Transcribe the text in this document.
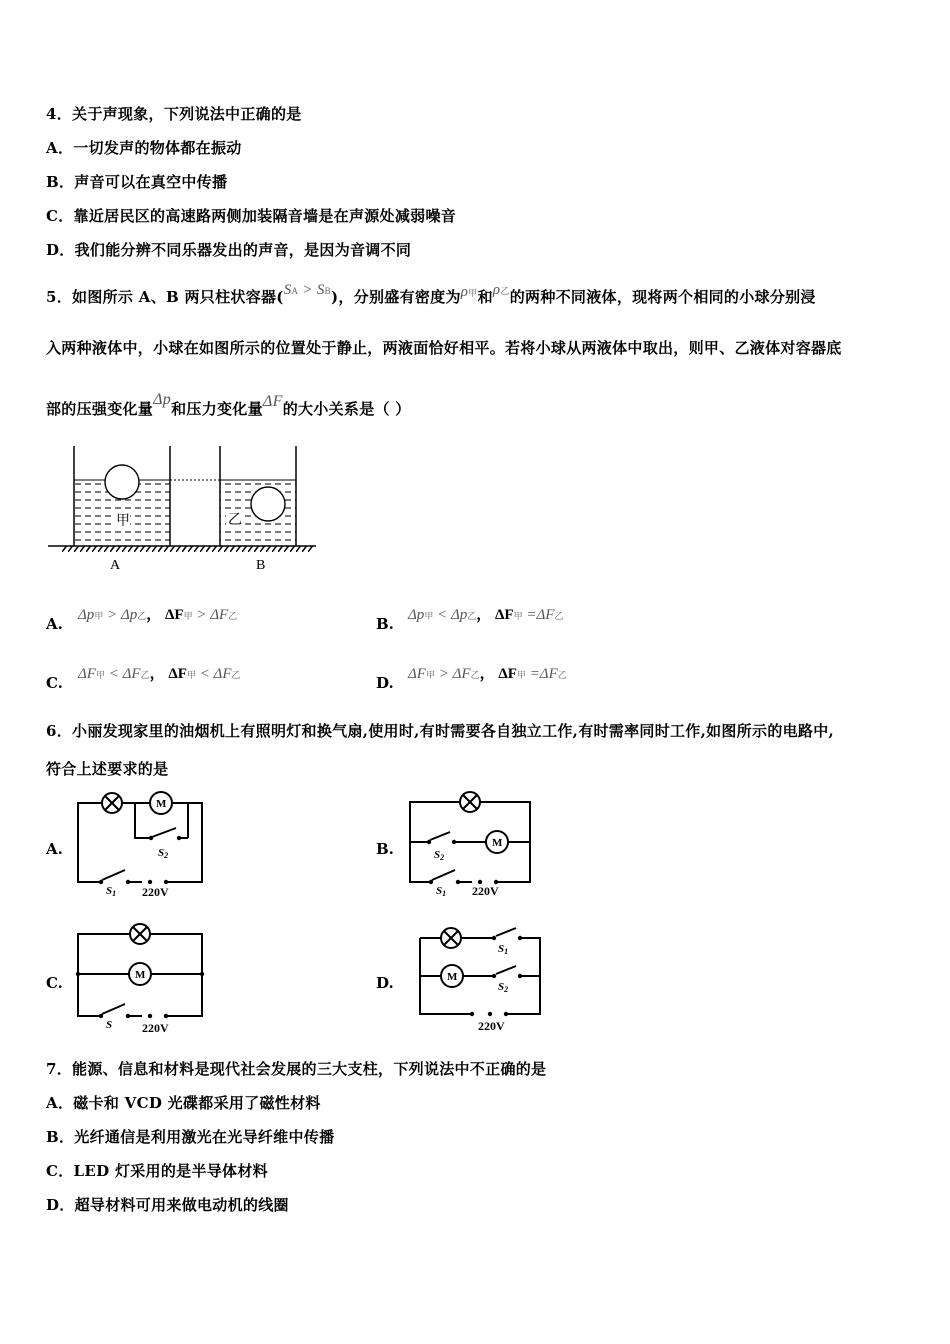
4．关于声现象，下列说法中正确的是
A．一切发声的物体都在振动
B．声音可以在真空中传播
C．靠近居民区的高速路两侧加装隔音墙是在声源处减弱噪音
D．我们能分辨不同乐器发出的声音，是因为音调不同
5．如图所示 A、B 两只柱状容器(SA > SB)，分别盛有密度为ρ甲和ρ乙的两种不同液体，现将两个相同的小球分别浸
入两种液体中，小球在如图所示的位置处于静止，两液面恰好相平。若将小球从两液体中取出，则甲、乙液体对容器底
部的压强变化量Δp和压力变化量ΔF的大小关系是（ ）
甲	乙
A	B
A. Δp甲 > Δp乙， ΔF甲 > ΔF乙	B. Δp甲 < Δp乙， ΔF甲 =ΔF乙
C. ΔF甲 < ΔF乙， ΔF甲 < ΔF乙	D. ΔF甲 > ΔF乙， ΔF甲 =ΔF乙
6．小丽发现家里的油烟机上有照明灯和换气扇,使用时,有时需要各自独立工作,有时需率同时工作,如图所示的电路中,
符合上述要求的是
A.
M
S2
S1 220V
B.	M
S2
S1 220V
C.	M
S 220V
D.	M
S1
S2
220V
7．能源、信息和材料是现代社会发展的三大支柱，下列说法中不正确的是
A．磁卡和 VCD 光碟都采用了磁性材料
B．光纤通信是利用激光在光导纤维中传播
C．LED 灯采用的是半导体材料
D．超导材料可用来做电动机的线圈
